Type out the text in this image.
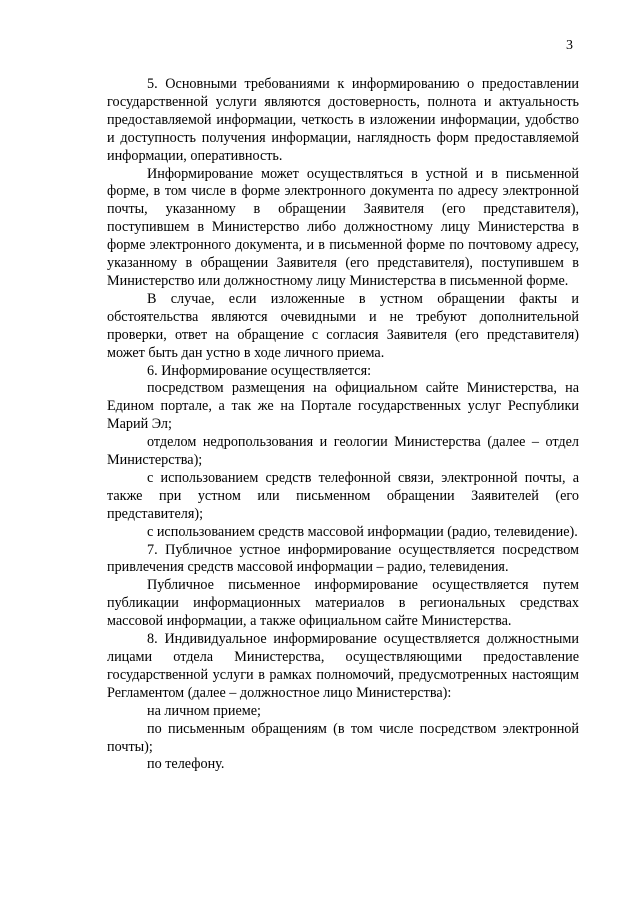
3

5. Основными требованиями к информированию о предоставлении государственной услуги являются достоверность, полнота и актуальность предоставляемой информации, четкость в изложении информации, удобство и доступность получения информации, наглядность форм предоставляемой информации, оперативность.

Информирование может осуществляться в устной и в письменной форме, в том числе в форме электронного документа по адресу электронной почты, указанному в обращении Заявителя (его представителя), поступившем в Министерство либо должностному лицу Министерства в форме электронного документа, и в письменной форме по почтовому адресу, указанному в обращении Заявителя (его представителя), поступившем в Министерство или должностному лицу Министерства в письменной форме.

В случае, если изложенные в устном обращении факты и обстоятельства являются очевидными и не требуют дополнительной проверки, ответ на обращение с согласия Заявителя (его представителя) может быть дан устно в ходе личного приема.

6. Информирование осуществляется:

посредством размещения на официальном сайте Министерства, на Едином портале, а так же на Портале государственных услуг Республики Марий Эл;

отделом недропользования и геологии Министерства (далее – отдел Министерства);

с использованием средств телефонной связи, электронной почты, а также при устном или письменном обращении Заявителей (его представителя);

с использованием средств массовой информации (радио, телевидение).

7. Публичное устное информирование осуществляется посредством привлечения средств массовой информации – радио, телевидения.

Публичное письменное информирование осуществляется путем публикации информационных материалов в региональных средствах массовой информации, а также официальном сайте Министерства.

8. Индивидуальное информирование осуществляется должностными лицами отдела Министерства, осуществляющими предоставление государственной услуги в рамках полномочий, предусмотренных настоящим Регламентом (далее – должностное лицо Министерства):

на личном приеме;

по письменным обращениям (в том числе посредством электронной почты);

по телефону.
